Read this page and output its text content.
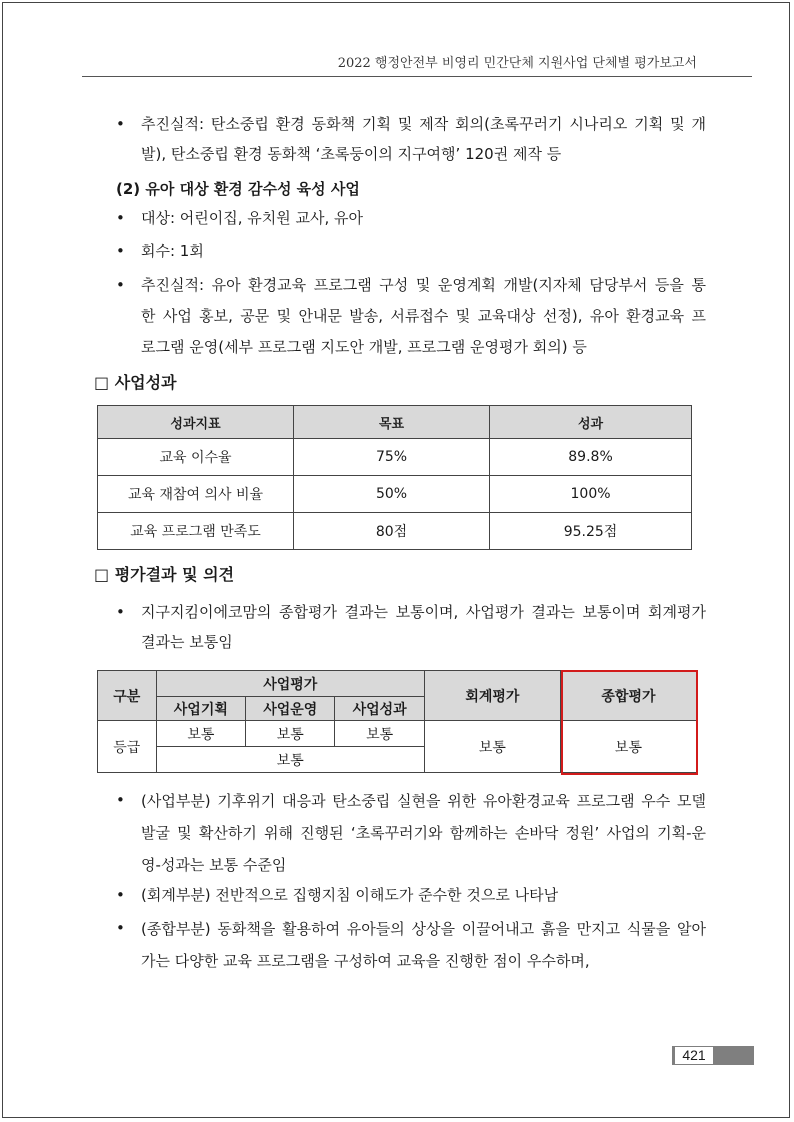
2022 행정안전부 비영리 민간단체 지원사업 단체별 평가보고서
•	추진실적: 탄소중립 환경 동화책 기획 및 제작 회의(초록꾸러기 시나리오 기획 및 개
발), 탄소중립 환경 동화책 ‘초록둥이의 지구여행’ 120권 제작 등
(2) 유아 대상 환경 감수성 육성 사업
•	대상: 어린이집, 유치원 교사, 유아
•	회수: 1회
•	추진실적: 유아 환경교육 프로그램 구성 및 운영계획 개발(지자체 담당부서 등을 통
한 사업 홍보, 공문 및 안내문 발송, 서류접수 및 교육대상 선정), 유아 환경교육 프
로그램 운영(세부 프로그램 지도안 개발, 프로그램 운영평가 회의) 등
□ 사업성과
성과지표	목표	성과
교육 이수율	75%	89.8%
교육 재참여 의사 비율	50%	100%
교육 프로그램 만족도	80점	95.25점
□ 평가결과 및 의견
•	지구지킴이에코맘의 종합평가 결과는 보통이며, 사업평가 결과는 보통이며 회계평가
결과는 보통임
구분	사업평가			회계평가	종합평가
	사업기획	사업운영	사업성과		
등급	보통	보통	보통	보통	보통
	보통				
•	(사업부분) 기후위기 대응과 탄소중립 실현을 위한 유아환경교육 프로그램 우수 모델
발굴 및 확산하기 위해 진행된 ‘초록꾸러기와 함께하는 손바닥 정원’ 사업의 기획-운
영-성과는 보통 수준임
•	(회계부분) 전반적으로 집행지침 이해도가 준수한 것으로 나타남
•	(종합부분) 동화책을 활용하여 유아들의 상상을 이끌어내고 흙을 만지고 식물을 알아
가는 다양한 교육 프로그램을 구성하여 교육을 진행한 점이 우수하며,
421
